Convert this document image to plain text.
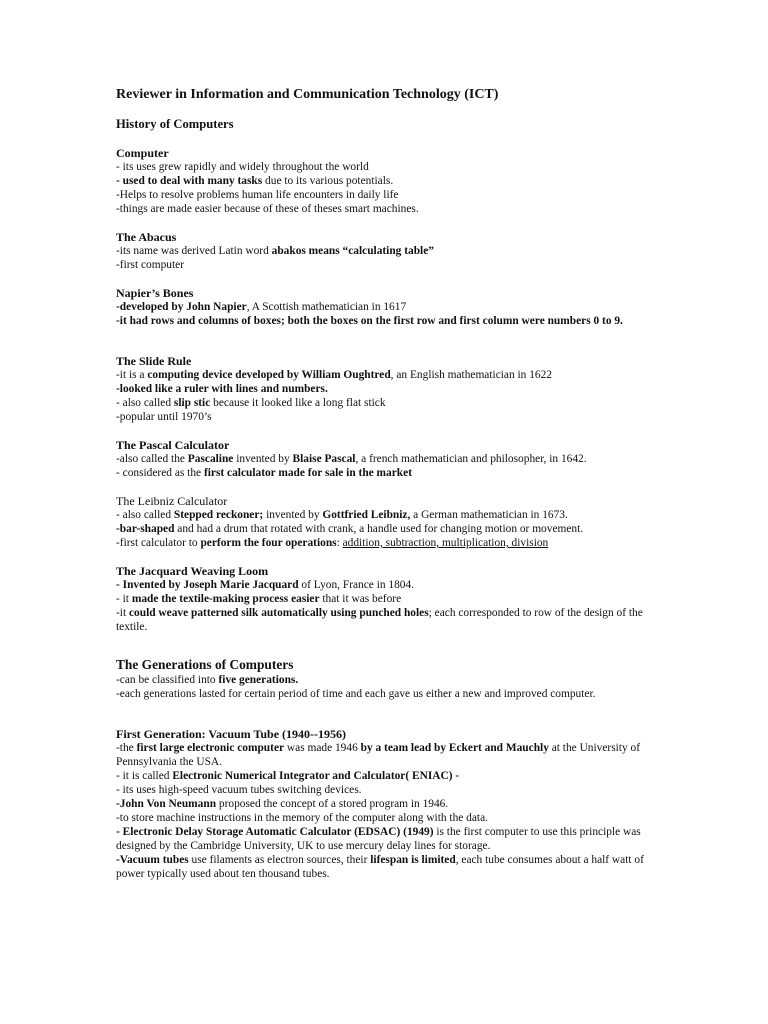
Reviewer in Information and Communication Technology (ICT)
History of Computers
Computer
- its uses grew rapidly and widely throughout the world
- used to deal with many tasks due to its various potentials.
-Helps to resolve problems human life encounters in daily life
-things are made easier because of these of theses smart machines.
The Abacus
-its name was derived Latin word abakos means “calculating table”
-first computer
Napier’s Bones
-developed by John Napier, A Scottish mathematician in 1617
-it had rows and columns of boxes; both the boxes on the first row and first column were numbers 0 to 9.
The Slide Rule
-it is a computing device developed by William Oughtred, an English mathematician in 1622
-looked like a ruler with lines and numbers.
- also called slip stic because it looked like a long flat stick
-popular until 1970’s
The Pascal Calculator
-also called the Pascaline invented by Blaise Pascal, a french mathematician and philosopher, in 1642.
- considered as the first calculator made for sale in the market
The Leibniz Calculator
- also called Stepped reckoner; invented by Gottfried Leibniz, a German mathematician in 1673.
-bar-shaped and had a drum that rotated with crank, a handle used for changing motion or movement.
-first calculator to perform the four operations: addition, subtraction, multiplication, division
The Jacquard Weaving Loom
- Invented by Joseph Marie Jacquard of Lyon, France in 1804.
- it made the textile-making process easier that it was before
-it could weave patterned silk automatically using punched holes; each corresponded to row of the design of the textile.
The Generations of Computers
-can be classified into five generations.
-each generations lasted for certain period of time and each gave us either a new and improved computer.
First Generation: Vacuum Tube (1940--1956)
-the first large electronic computer was made 1946 by a team lead by Eckert and Mauchly at the University of Pennsylvania the USA.
- it is called Electronic Numerical Integrator and Calculator( ENIAC) -
- its uses high-speed vacuum tubes switching devices.
-John Von Neumann proposed the concept of a stored program in 1946.
-to store machine instructions in the memory of the computer along with the data.
- Electronic Delay Storage Automatic Calculator (EDSAC) (1949) is the first computer to use this principle was designed by the Cambridge University, UK to use mercury delay lines for storage.
-Vacuum tubes use filaments as electron sources, their lifespan is limited, each tube consumes about a half watt of power typically used about ten thousand tubes.
